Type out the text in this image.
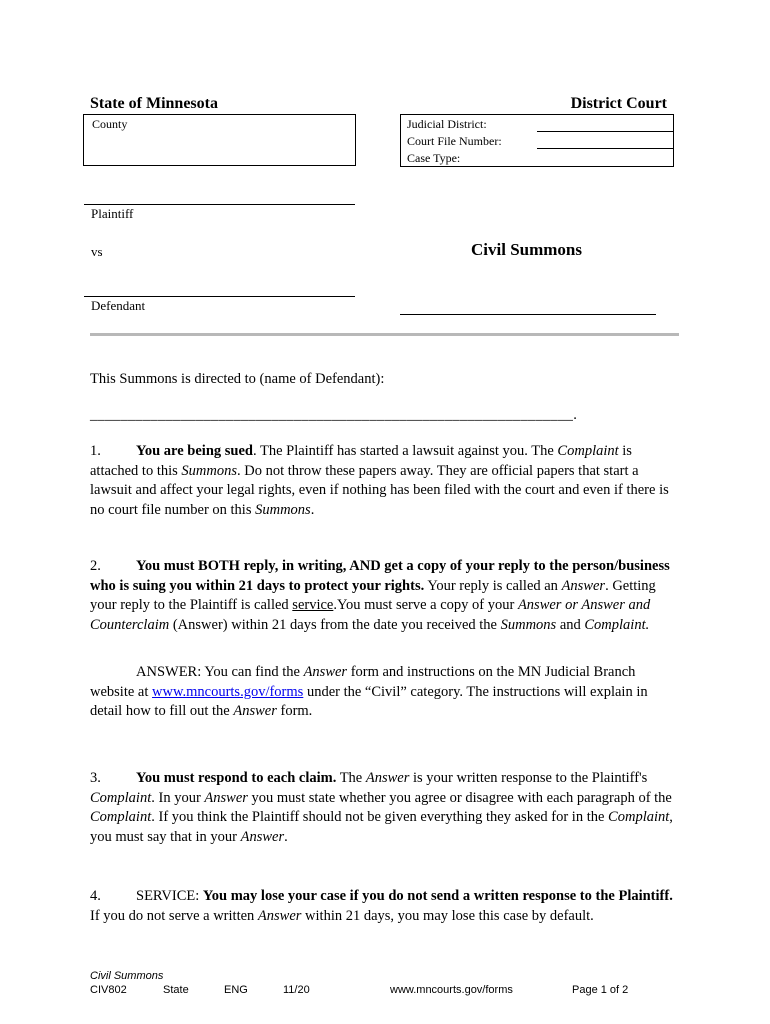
State of Minnesota	District Court
County	Judicial District:
Court File Number:
Case Type:
Plaintiff
vs	Civil Summons
Defendant
This Summons is directed to (name of Defendant):
________________________________________________________________.
1. You are being sued. The Plaintiff has started a lawsuit against you. The Complaint is attached to this Summons. Do not throw these papers away. They are official papers that start a lawsuit and affect your legal rights, even if nothing has been filed with the court and even if there is no court file number on this Summons.
2. You must BOTH reply, in writing, AND get a copy of your reply to the person/business who is suing you within 21 days to protect your rights. Your reply is called an Answer. Getting your reply to the Plaintiff is called service.You must serve a copy of your Answer or Answer and Counterclaim (Answer) within 21 days from the date you received the Summons and Complaint.
ANSWER: You can find the Answer form and instructions on the MN Judicial Branch website at www.mncourts.gov/forms under the “Civil” category. The instructions will explain in detail how to fill out the Answer form.
3. You must respond to each claim. The Answer is your written response to the Plaintiff's Complaint. In your Answer you must state whether you agree or disagree with each paragraph of the Complaint. If you think the Plaintiff should not be given everything they asked for in the Complaint, you must say that in your Answer.
4. SERVICE: You may lose your case if you do not send a written response to the Plaintiff. If you do not serve a written Answer within 21 days, you may lose this case by default.
Civil Summons
CIV802	State	ENG	11/20	www.mncourts.gov/forms	Page 1 of 2
